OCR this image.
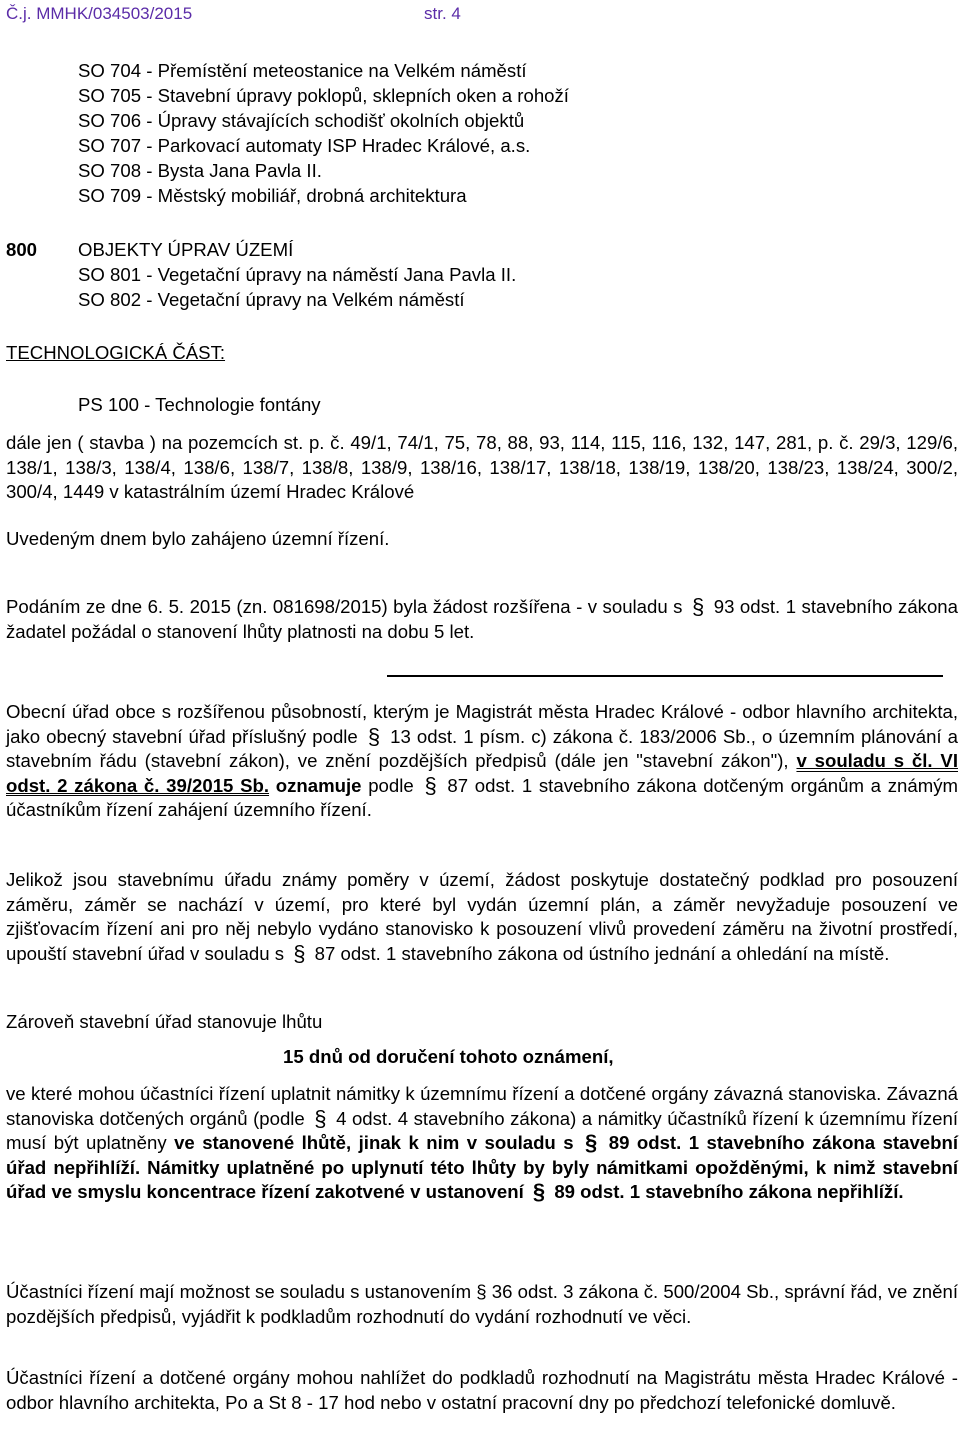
Č.j. MMHK/034503/2015	str. 4
SO 704 - Přemístění meteostanice na Velkém náměstí
SO 705 - Stavební úpravy poklopů, sklepních oken a rohoží
SO 706 - Úpravy stávajících schodišť okolních objektů
SO 707 - Parkovací automaty ISP Hradec Králové, a.s.
SO 708 - Bysta Jana Pavla II.
SO 709 - Městský mobiliář, drobná architektura
800 OBJEKTY ÚPRAV ÚZEMÍ
SO 801 - Vegetační úpravy na náměstí Jana Pavla II.
SO 802 - Vegetační úpravy na Velkém náměstí
TECHNOLOGICKÁ ČÁST:
PS 100 - Technologie fontány

dále jen ( stavba ) na pozemcích st. p. č. 49/1, 74/1, 75, 78, 88, 93, 114, 115, 116, 132, 147, 281, p. č. 29/3, 129/6, 138/1, 138/3, 138/4, 138/6, 138/7, 138/8, 138/9, 138/16, 138/17, 138/18, 138/19, 138/20, 138/23, 138/24, 300/2, 300/4, 1449 v katastrálním území Hradec Králové

Uvedeným dnem bylo zahájeno územní řízení.

Podáním ze dne 6. 5. 2015 (zn. 081698/2015) byla žádost rozšířena - v souladu s § 93 odst. 1 stavebního zákona žadatel požádal o stanovení lhůty platnosti na dobu 5 let.

Obecní úřad obce s rozšířenou působností, kterým je Magistrát města Hradec Králové - odbor hlavního architekta, jako obecný stavební úřad příslušný podle § 13 odst. 1 písm. c) zákona č. 183/2006 Sb., o územním plánování a stavebním řádu (stavební zákon), ve znění pozdějších předpisů (dále jen "stavební zákon"), v souladu s čl. VI odst. 2 zákona č. 39/2015 Sb. oznamuje podle § 87 odst. 1 stavebního zákona dotčeným orgánům a známým účastníkům řízení zahájení územního řízení.

Jelikož jsou stavebnímu úřadu známy poměry v území, žádost poskytuje dostatečný podklad pro posouzení záměru, záměr se nachází v území, pro které byl vydán územní plán, a záměr nevyžaduje posouzení ve zjišťovacím řízení ani pro něj nebylo vydáno stanovisko k posouzení vlivů provedení záměru na životní prostředí, upouští stavební úřad v souladu s § 87 odst. 1 stavebního zákona od ústního jednání a ohledání na místě.

Zároveň stavební úřad stanovuje lhůtu
15 dnů od doručení tohoto oznámení,

ve které mohou účastníci řízení uplatnit námitky k územnímu řízení a dotčené orgány závazná stanoviska. Závazná stanoviska dotčených orgánů (podle § 4 odst. 4 stavebního zákona) a námitky účastníků řízení k územnímu řízení musí být uplatněny ve stanovené lhůtě, jinak k nim v souladu s § 89 odst. 1 stavebního zákona stavební úřad nepřihlíží. Námitky uplatněné po uplynutí této lhůty by byly námitkami opožděnými, k nimž stavební úřad ve smyslu koncentrace řízení zakotvené v ustanovení § 89 odst. 1 stavebního zákona nepřihlíží.

Účastníci řízení mají možnost se souladu s ustanovením § 36 odst. 3 zákona č. 500/2004 Sb., správní řád, ve znění pozdějších předpisů, vyjádřit k podkladům rozhodnutí do vydání rozhodnutí ve věci.

Účastníci řízení a dotčené orgány mohou nahlížet do podkladů rozhodnutí na Magistrátu města Hradec Králové - odbor hlavního architekta, Po a St 8 - 17 hod nebo v ostatní pracovní dny po předchozí telefonické domluvě.
